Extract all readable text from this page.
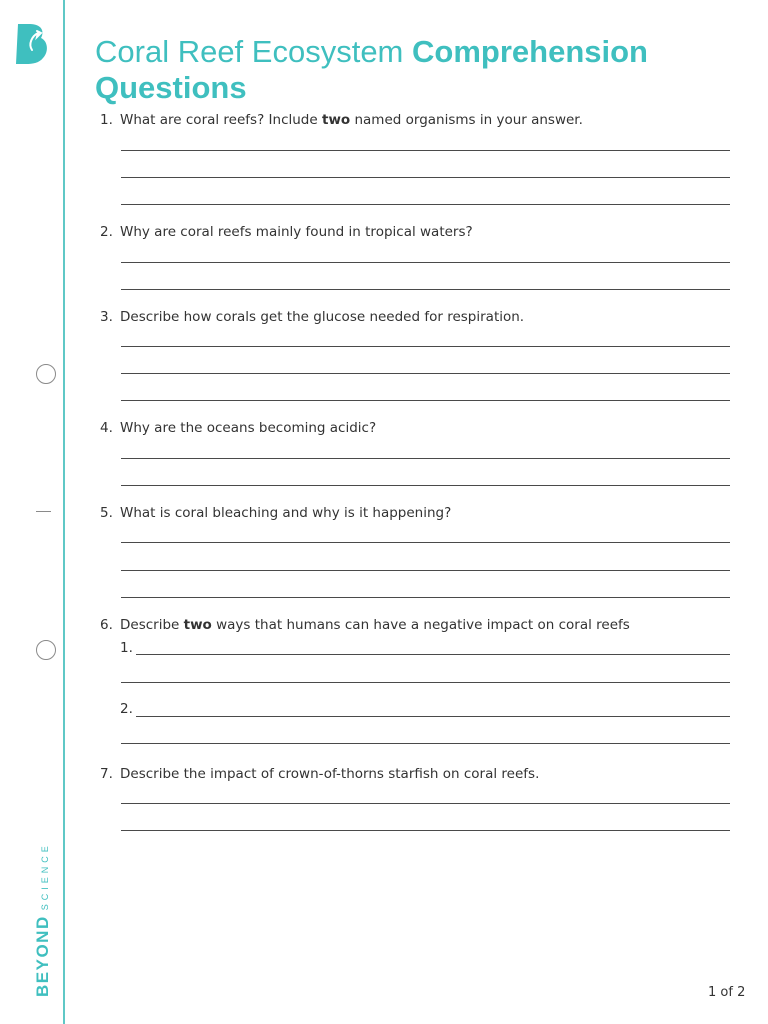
BEYONDSCIENCE
Coral Reef Ecosystem Comprehension Questions
1. What are coral reefs? Include two named organisms in your answer.
2. Why are coral reefs mainly found in tropical waters?
3. Describe how corals get the glucose needed for respiration.
4. Why are the oceans becoming acidic?
5. What is coral bleaching and why is it happening?
6. Describe two ways that humans can have a negative impact on coral reefs
1.
2.
7. Describe the impact of crown-of-thorns starfish on coral reefs.
1 of 2
